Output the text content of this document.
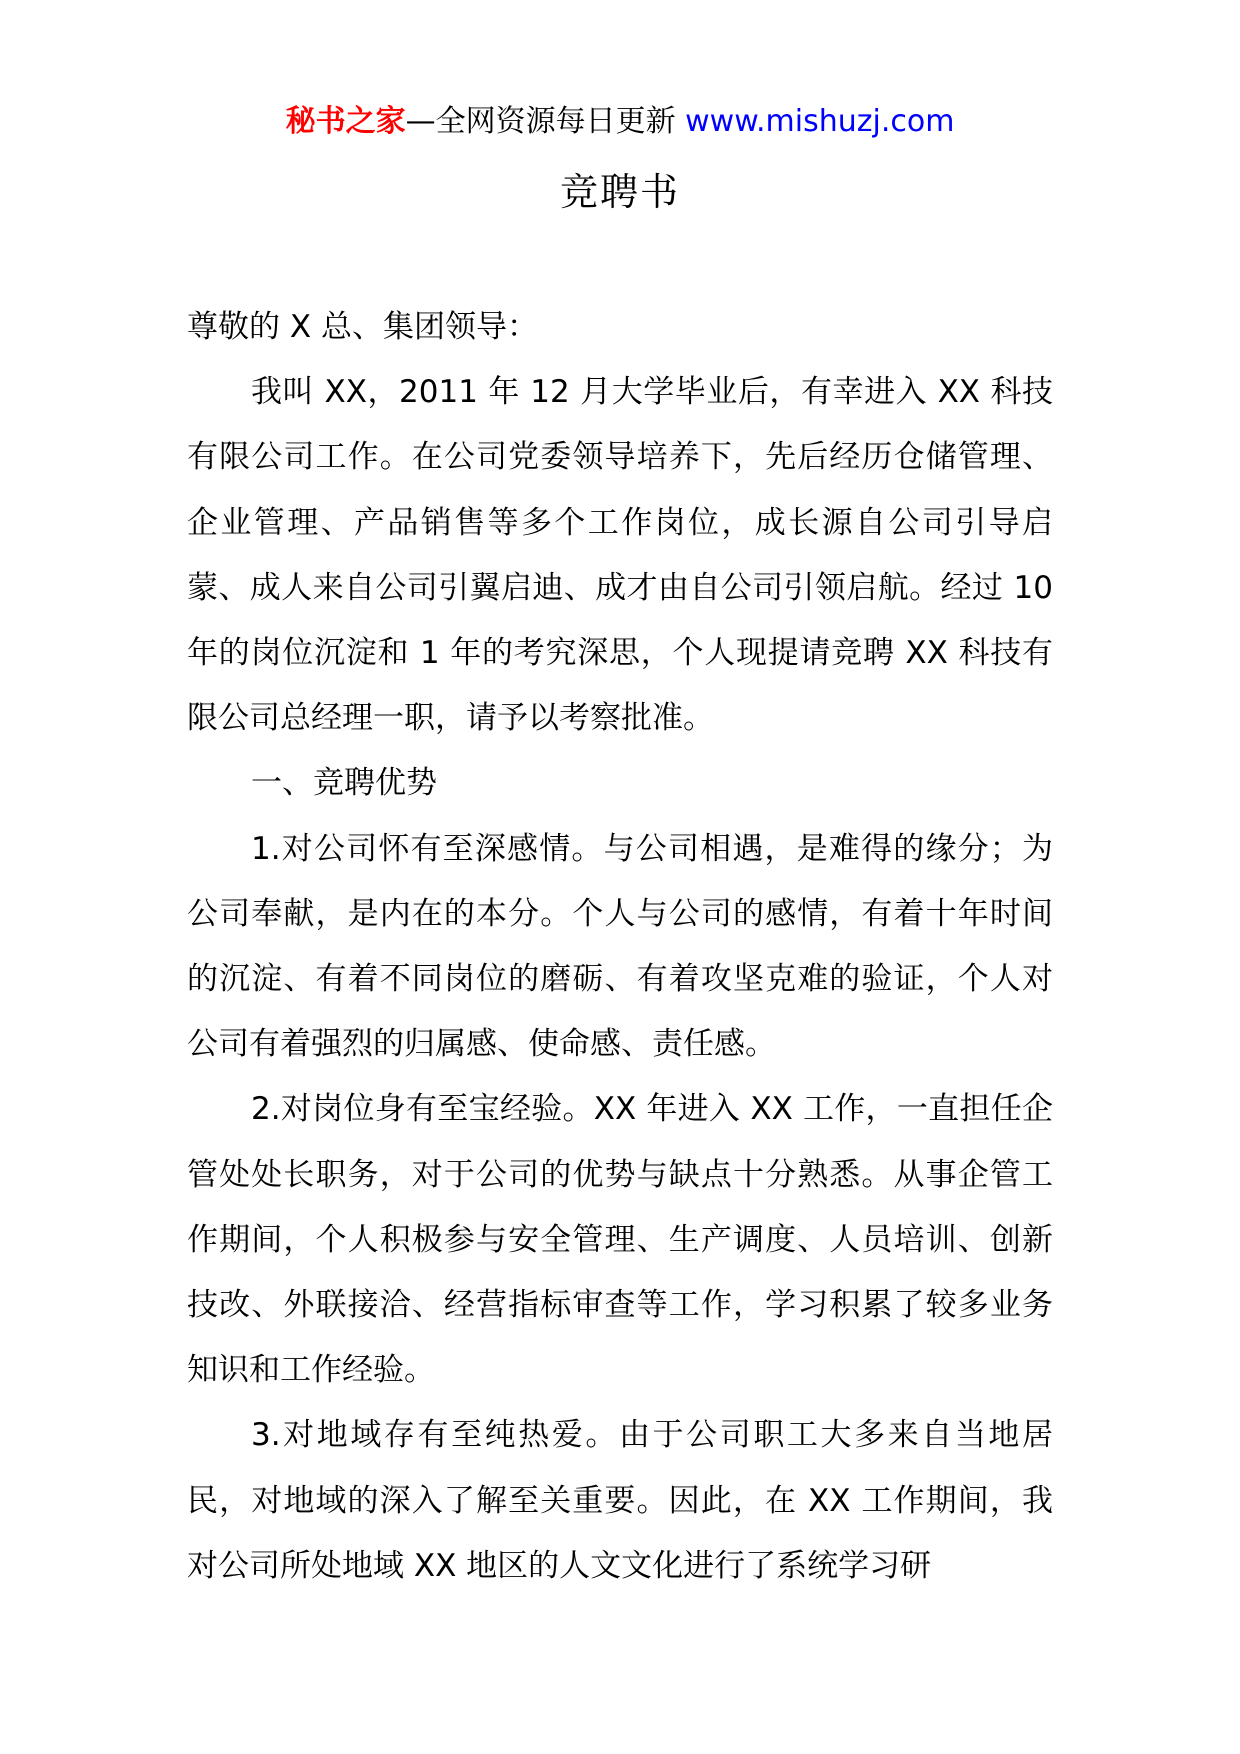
秘书之家—全网资源每日更新 www.mishuzj.com
竞聘书

尊敬的 X 总、集团领导：

我叫 XX，2011 年 12 月大学毕业后，有幸进入 XX 科技有限公司工作。在公司党委领导培养下，先后经历仓储管理、企业管理、产品销售等多个工作岗位，成长源自公司引导启蒙、成人来自公司引翼启迪、成才由自公司引领启航。经过 10 年的岗位沉淀和 1 年的考究深思，个人现提请竞聘 XX 科技有限公司总经理一职，请予以考察批准。

一、竞聘优势

1.对公司怀有至深感情。与公司相遇，是难得的缘分；为公司奉献，是内在的本分。个人与公司的感情，有着十年时间的沉淀、有着不同岗位的磨砺、有着攻坚克难的验证，个人对公司有着强烈的归属感、使命感、责任感。

2.对岗位身有至宝经验。XX 年进入 XX 工作，一直担任企管处处长职务，对于公司的优势与缺点十分熟悉。从事企管工作期间，个人积极参与安全管理、生产调度、人员培训、创新技改、外联接洽、经营指标审查等工作，学习积累了较多业务知识和工作经验。

3.对地域存有至纯热爱。由于公司职工大多来自当地居民，对地域的深入了解至关重要。因此，在 XX 工作期间，我对公司所处地域 XX 地区的人文文化进行了系统学习研
